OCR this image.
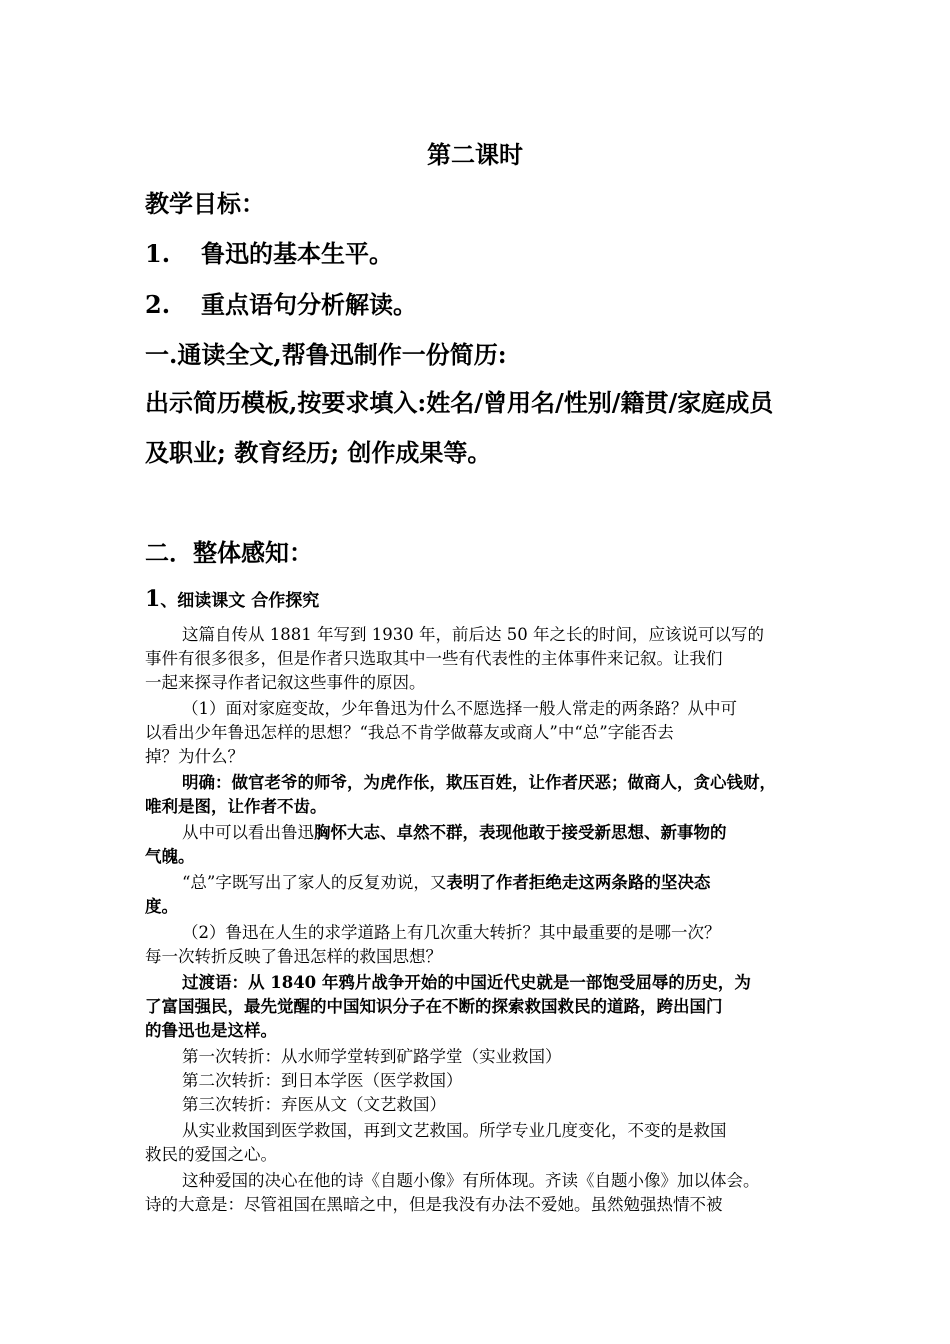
第二课时
教学目标：
1. 鲁迅的基本生平。
2. 重点语句分析解读。
一.通读全文,帮鲁迅制作一份简历:
出示简历模板,按要求填入:姓名/曾用名/性别/籍贯/家庭成员
及职业; 教育经历; 创作成果等。
二．整体感知：
1、细读课文 合作探究
这篇自传从 1881 年写到 1930 年，前后达 50 年之长的时间，应该说可以写的
事件有很多很多，但是作者只选取其中一些有代表性的主体事件来记叙。让我们
一起来探寻作者记叙这些事件的原因。
（1）面对家庭变故，少年鲁迅为什么不愿选择一般人常走的两条路？从中可
以看出少年鲁迅怎样的思想？“我总不肯学做幕友或商人”中“总”字能否去
掉？为什么？
明确：做官老爷的师爷，为虎作伥，欺压百姓，让作者厌恶；做商人，贪心钱财，
唯利是图，让作者不齿。
从中可以看出鲁迅胸怀大志、卓然不群，表现他敢于接受新思想、新事物的
气魄。
“总”字既写出了家人的反复劝说，又表明了作者拒绝走这两条路的坚决态
度。
（2）鲁迅在人生的求学道路上有几次重大转折？其中最重要的是哪一次？
每一次转折反映了鲁迅怎样的救国思想？
过渡语：从 1840 年鸦片战争开始的中国近代史就是一部饱受屈辱的历史，为
了富国强民，最先觉醒的中国知识分子在不断的探索救国救民的道路，跨出国门
的鲁迅也是这样。
第一次转折：从水师学堂转到矿路学堂（实业救国）
第二次转折：到日本学医（医学救国）
第三次转折：弃医从文（文艺救国）
从实业救国到医学救国，再到文艺救国。所学专业几度变化，不变的是救国
救民的爱国之心。
这种爱国的决心在他的诗《自题小像》有所体现。齐读《自题小像》加以体会。
诗的大意是：尽管祖国在黑暗之中，但是我没有办法不爱她。虽然勉强热情不被
